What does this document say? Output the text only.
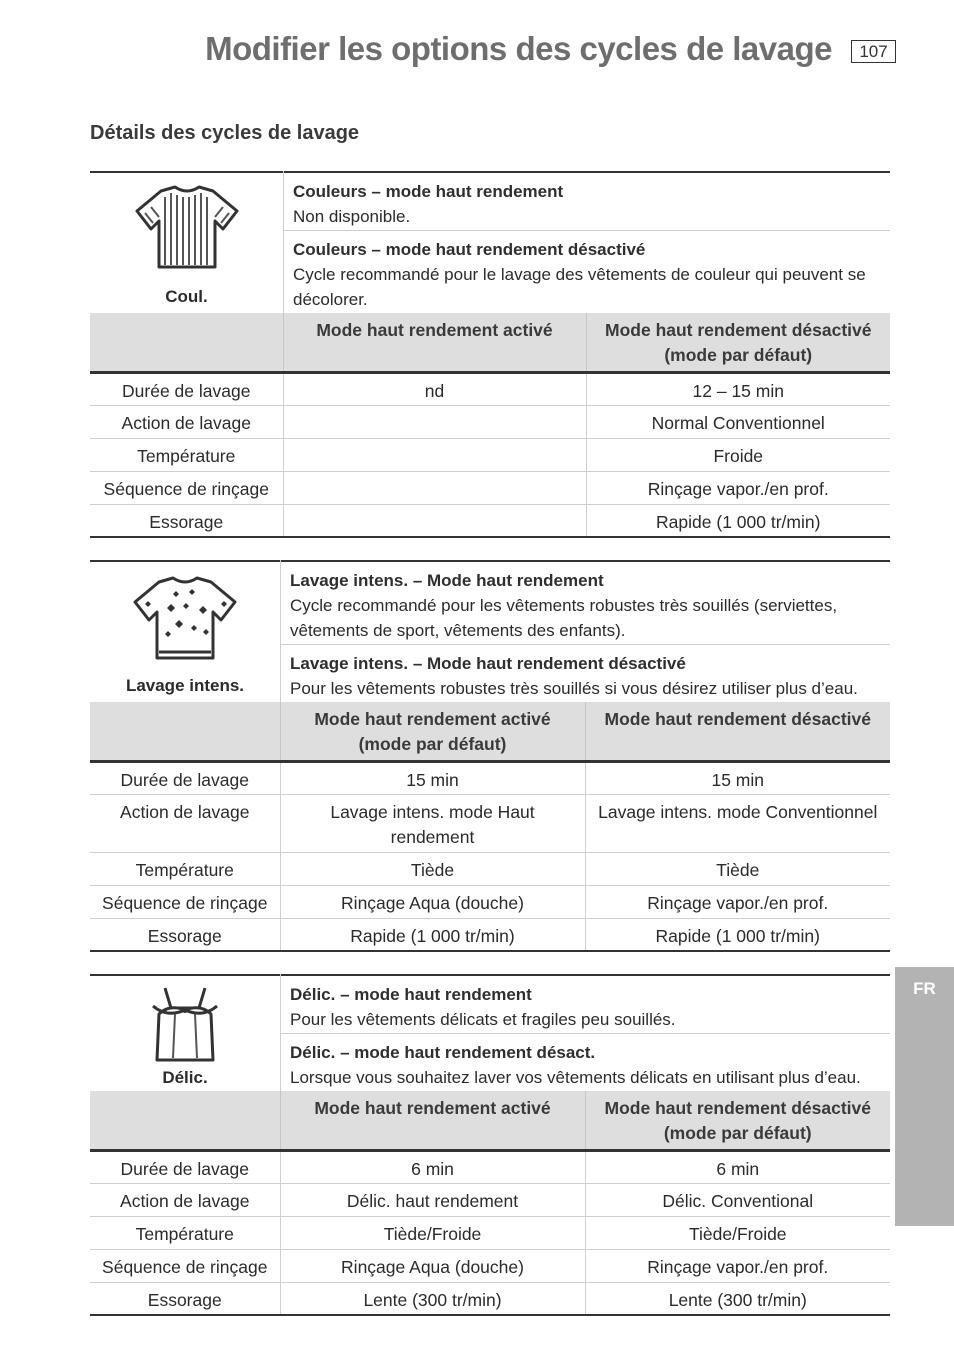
Modifier les options des cycles de lavage	107
Détails des cycles de lavage
FR
Coul.
Couleurs – mode haut rendement
Non disponible.
Couleurs – mode haut rendement désactivé
Cycle recommandé pour le lavage des vêtements de couleur qui peuvent se décolorer.
	Mode haut rendement activé	Mode haut rendement désactivé (mode par défaut)
Durée de lavage	nd	12 – 15 min
Action de lavage		Normal Conventionnel
Température		Froide
Séquence de rinçage		Rinçage vapor./en prof.
Essorage		Rapide (1 000 tr/min)
Lavage intens.
Lavage intens. – Mode haut rendement
Cycle recommandé pour les vêtements robustes très souillés (serviettes, vêtements de sport, vêtements des enfants).
Lavage intens. – Mode haut rendement désactivé
Pour les vêtements robustes très souillés si vous désirez utiliser plus d’eau.
	Mode haut rendement activé (mode par défaut)	Mode haut rendement désactivé
Durée de lavage	15 min	15 min
Action de lavage	Lavage intens. mode Haut rendement	Lavage intens. mode Conventionnel
Température	Tiède	Tiède
Séquence de rinçage	Rinçage Aqua (douche)	Rinçage vapor./en prof.
Essorage	Rapide (1 000 tr/min)	Rapide (1 000 tr/min)
Délic.
Délic. – mode haut rendement
Pour les vêtements délicats et fragiles peu souillés.
Délic. – mode haut rendement désact.
Lorsque vous souhaitez laver vos vêtements délicats en utilisant plus d’eau.
	Mode haut rendement activé	Mode haut rendement désactivé (mode par défaut)
Durée de lavage	6 min	6 min
Action de lavage	Délic. haut rendement	Délic. Conventional
Température	Tiède/Froide	Tiède/Froide
Séquence de rinçage	Rinçage Aqua (douche)	Rinçage vapor./en prof.
Essorage	Lente (300 tr/min)	Lente (300 tr/min)
